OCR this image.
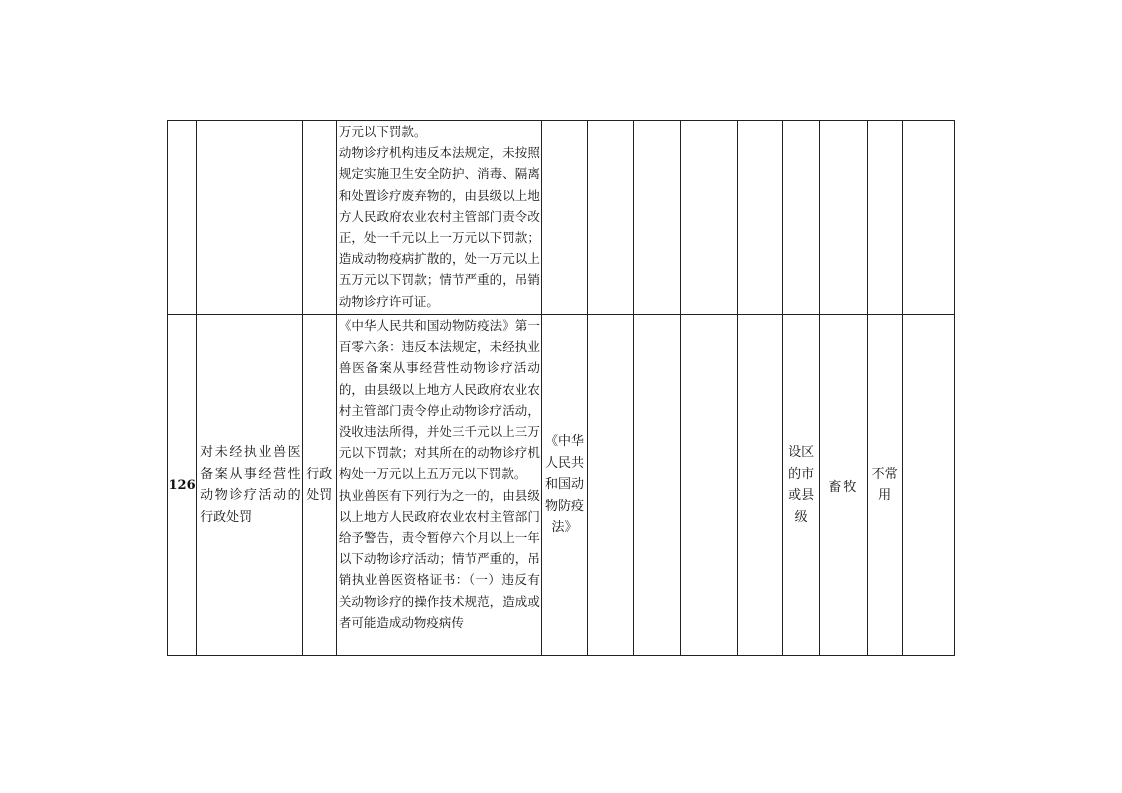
			万元以下罚款。

动物诊疗机构违反本法规定，未按照规定实施卫生安全防护、消毒、隔离和处置诊疗废弃物的，由县级以上地方人民政府农业农村主管部门责令改正，处一千元以上一万元以下罚款；造成动物疫病扩散的，处一万元以上五万元以下罚款；情节严重的，吊销动物诊疗许可证。									

126	对未经执业兽医备案从事经营性动物诊疗活动的行政处罚	行政处罚	《中华人民共和国动物防疫法》第一百零六条：违反本法规定，未经执业兽医备案从事经营性动物诊疗活动的，由县级以上地方人民政府农业农村主管部门责令停止动物诊疗活动，没收违法所得，并处三千元以上三万元以下罚款；对其所在的动物诊疗机构处一万元以上五万元以下罚款。

执业兽医有下列行为之一的，由县级以上地方人民政府农业农村主管部门给予警告，责令暂停六个月以上一年以下动物诊疗活动；情节严重的，吊销执业兽医资格证书：（一）违反有关动物诊疗的操作技术规范，造成或者可能造成动物疫病传	《中华人民共和国动物防疫法》					设区的市或县级	畜牧	不常用	
